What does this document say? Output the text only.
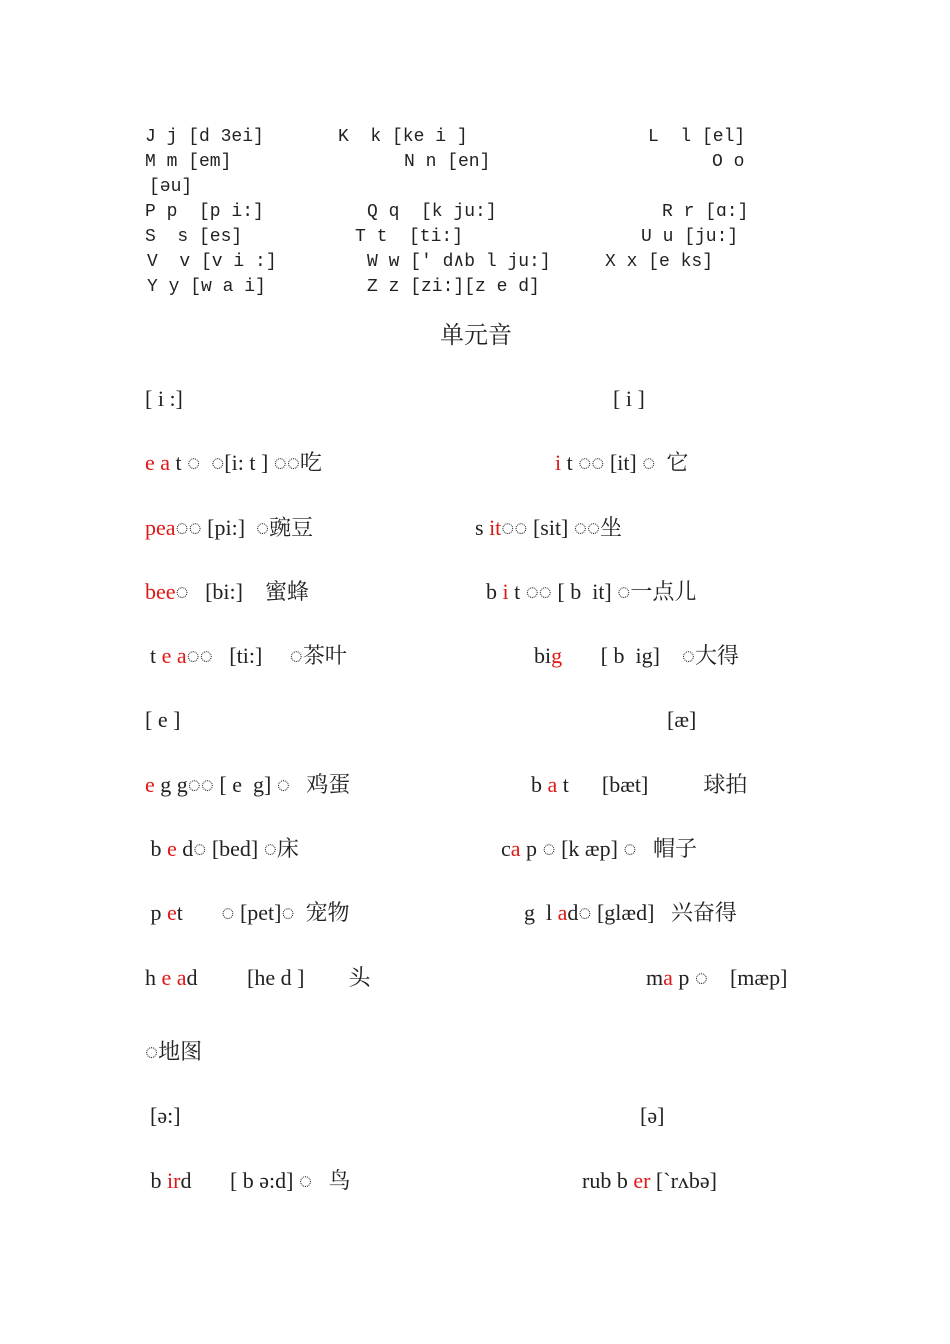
J j [d 3ei]	K  k [ke i ]	L  l [el]
M m [em]	N n [en]	O o
[əu]
P p  [p i:]	Q q  [k ju:]	R r [ɑ:]
S  s [es]	T t  [ti:]	U u [ju:]
V  v [v i :]	W w [′ d∧b l ju:]	X x [e ks]
Y y [w a i]	Z z [zi:][z e d]
单元音
[ i :]	[ i ]
e a t ◌  ◌[i: t ] ◌◌吃	i t ◌◌ [it] ◌  它
pea◌◌ [pi:]  ◌豌豆	s it◌◌ [sit] ◌◌坐
bee◌   [bi:]    蜜蜂	b i t ◌◌ [ b  it] ◌一点儿
t e a◌◌   [ti:]     ◌茶叶	big       [ b  ig]    ◌大得
[ e ]	[æ]
e g g◌◌ [ e  g] ◌   鸡蛋	b a t      [bæt]          球拍
b e d◌ [bed] ◌床	ca p ◌ [k æp] ◌   帽子
p et       ◌ [pet]◌  宠物	g  l ad◌ [glæd]   兴奋得
h e ad         [he d ]        头	ma p ◌    [mæp]
◌地图
[ə:]	[ə]
b ird       [ b ə:d] ◌   鸟	rub b er [`rʌbə]
